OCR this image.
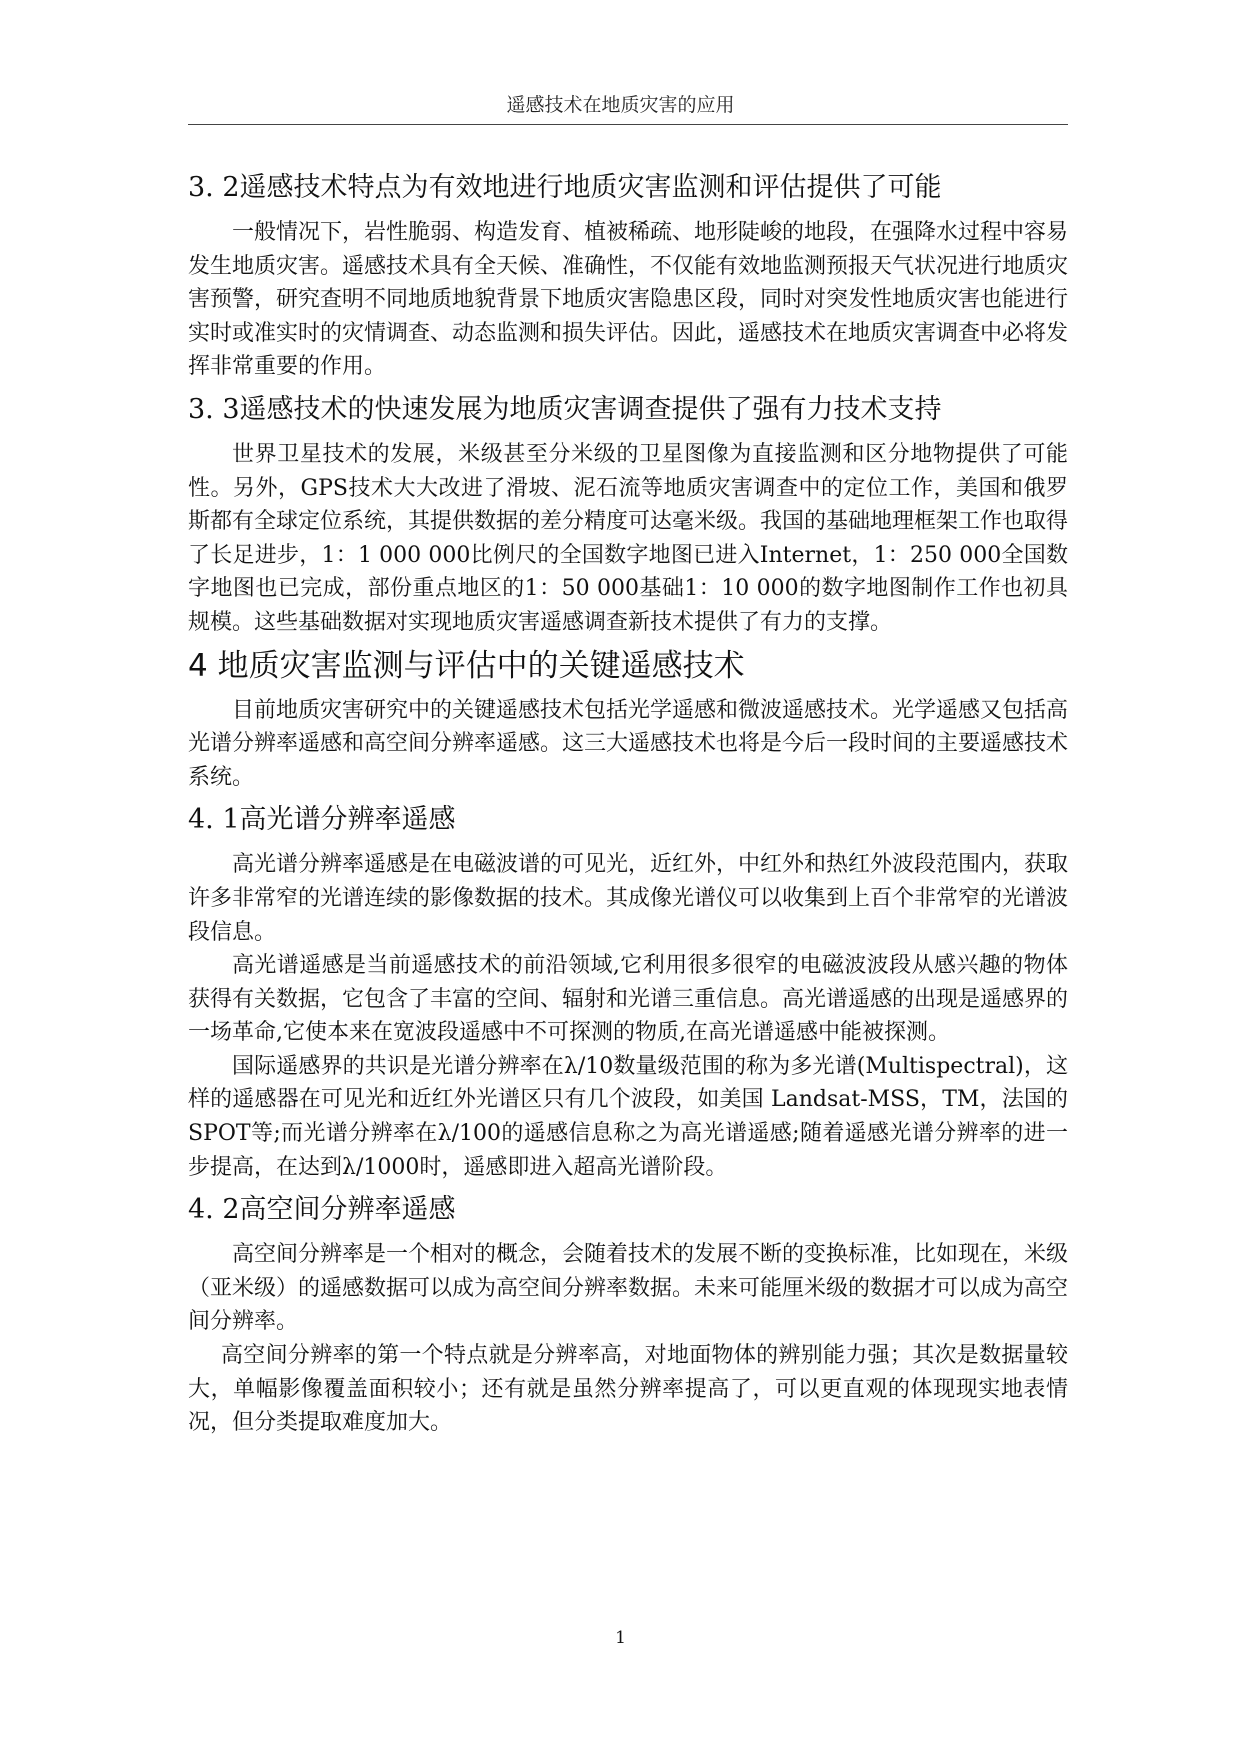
遥感技术在地质灾害的应用
3. 2遥感技术特点为有效地进行地质灾害监测和评估提供了可能

一般情况下，岩性脆弱、构造发育、植被稀疏、地形陡峻的地段，在强降水过程中容易发生地质灾害。遥感技术具有全天候、准确性，不仅能有效地监测预报天气状况进行地质灾害预警，研究查明不同地质地貌背景下地质灾害隐患区段，同时对突发性地质灾害也能进行实时或准实时的灾情调查、动态监测和损失评估。因此，遥感技术在地质灾害调查中必将发挥非常重要的作用。

3. 3遥感技术的快速发展为地质灾害调查提供了强有力技术支持

世界卫星技术的发展，米级甚至分米级的卫星图像为直接监测和区分地物提供了可能性。另外，GPS技术大大改进了滑坡、泥石流等地质灾害调查中的定位工作，美国和俄罗斯都有全球定位系统，其提供数据的差分精度可达毫米级。我国的基础地理框架工作也取得了长足进步，1：1 000 000比例尺的全国数字地图已进入Internet，1：250 000全国数字地图也已完成，部份重点地区的1：50 000基础1：10 000的数字地图制作工作也初具规模。这些基础数据对实现地质灾害遥感调查新技术提供了有力的支撑。

4 地质灾害监测与评估中的关键遥感技术

目前地质灾害研究中的关键遥感技术包括光学遥感和微波遥感技术。光学遥感又包括高光谱分辨率遥感和高空间分辨率遥感。这三大遥感技术也将是今后一段时间的主要遥感技术系统。

4. 1高光谱分辨率遥感

高光谱分辨率遥感是在电磁波谱的可见光，近红外，中红外和热红外波段范围内，获取许多非常窄的光谱连续的影像数据的技术。其成像光谱仪可以收集到上百个非常窄的光谱波段信息。

高光谱遥感是当前遥感技术的前沿领域,它利用很多很窄的电磁波波段从感兴趣的物体获得有关数据，它包含了丰富的空间、辐射和光谱三重信息。高光谱遥感的出现是遥感界的一场革命,它使本来在宽波段遥感中不可探测的物质,在高光谱遥感中能被探测。

国际遥感界的共识是光谱分辨率在λ/10数量级范围的称为多光谱(Multispectral)，这样的遥感器在可见光和近红外光谱区只有几个波段，如美国 Landsat-MSS，TM，法国的SPOT等;而光谱分辨率在λ/100的遥感信息称之为高光谱遥感;随着遥感光谱分辨率的进一步提高，在达到λ/1000时，遥感即进入超高光谱阶段。

4. 2高空间分辨率遥感

高空间分辨率是一个相对的概念，会随着技术的发展不断的变换标准，比如现在，米级（亚米级）的遥感数据可以成为高空间分辨率数据。未来可能厘米级的数据才可以成为高空间分辨率。

高空间分辨率的第一个特点就是分辨率高，对地面物体的辨别能力强；其次是数据量较大，单幅影像覆盖面积较小；还有就是虽然分辨率提高了，可以更直观的体现现实地表情况，但分类提取难度加大。

1
